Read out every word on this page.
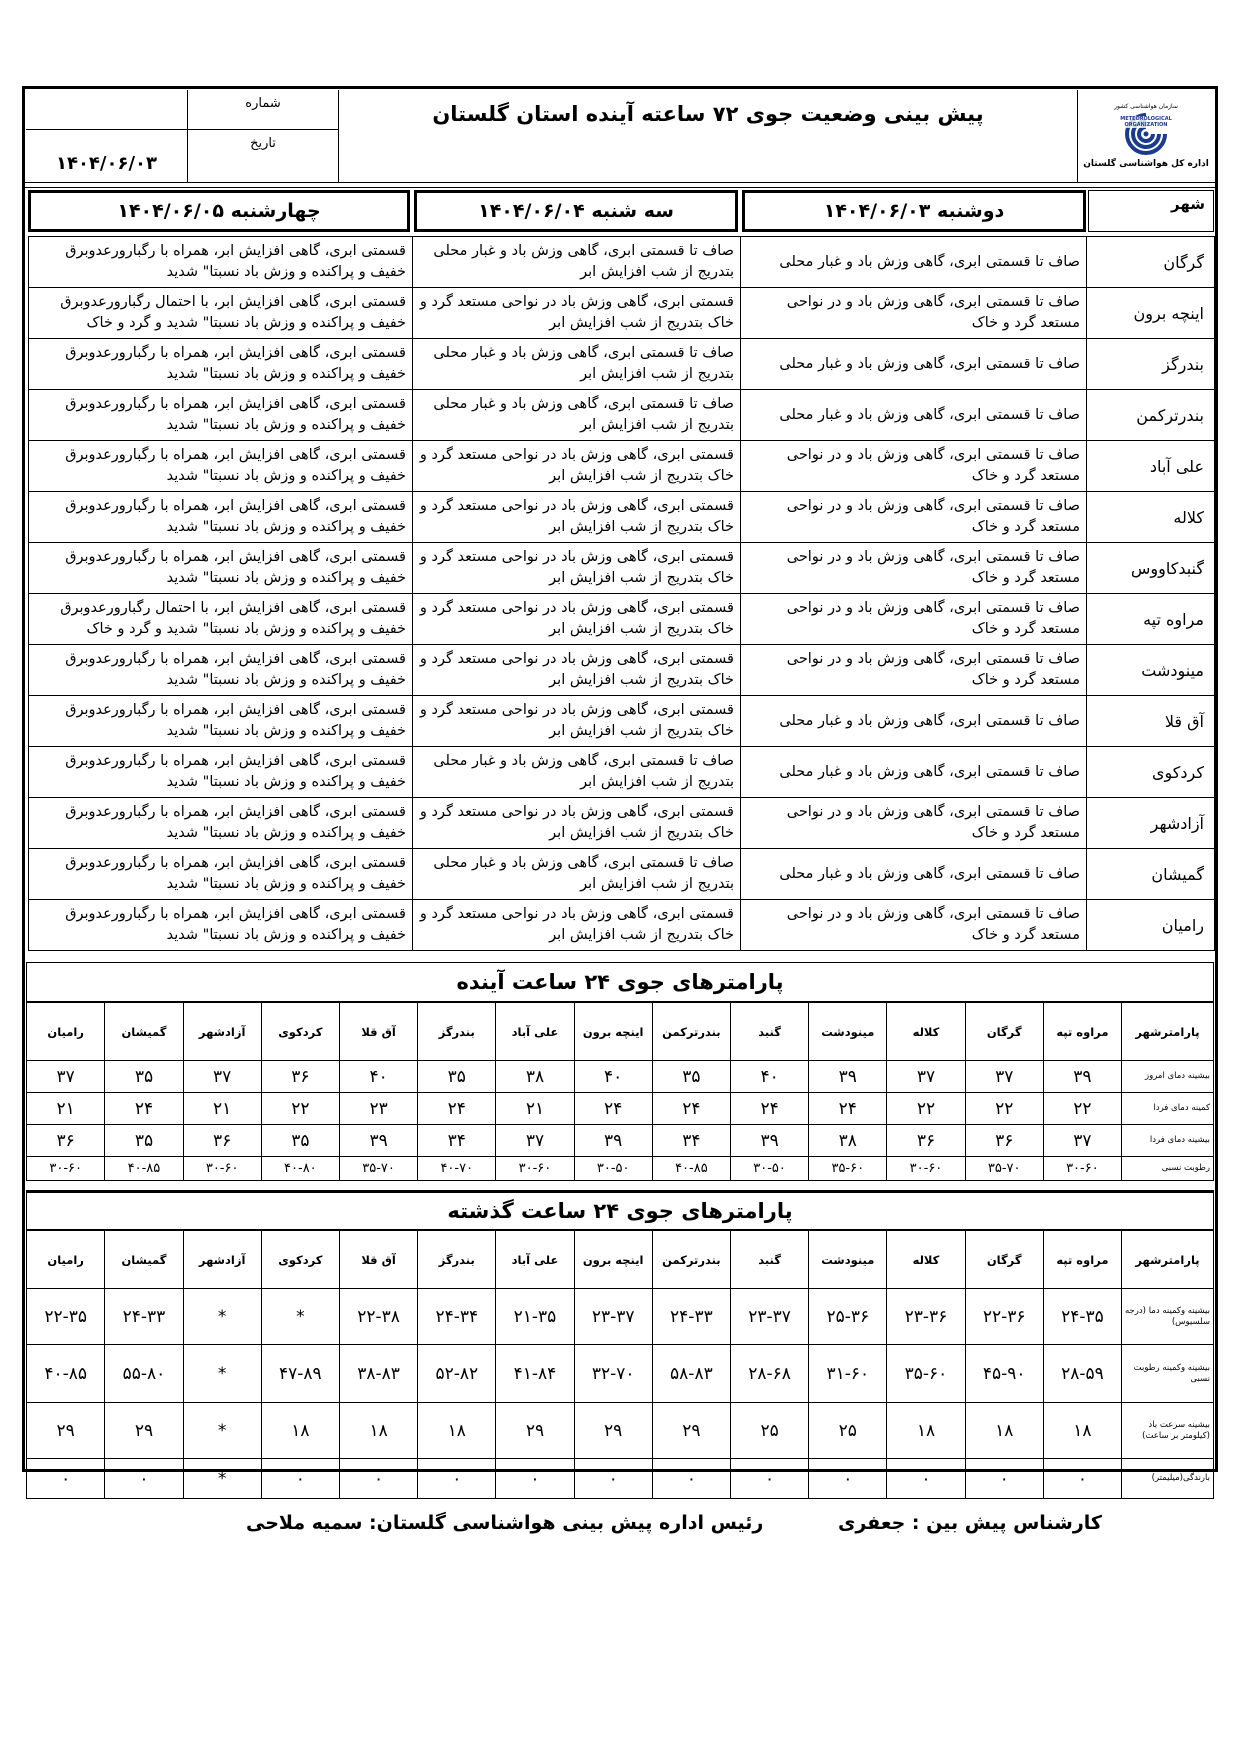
سازمان هواشناسی کشور
METEOROLOGICAL ORGANIZATION
اداره کل هواشناسی گلستان
پیش بینی وضعیت جوی ۷۲ ساعته آینده استان گلستان
شماره
تاریخ
۱۴۰۴/۰۶/۰۳
شهر
دوشنبه ۱۴۰۴/۰۶/۰۳
سه شنبه ۱۴۰۴/۰۶/۰۴
چهارشنبه ۱۴۰۴/۰۶/۰۵
گرگان	صاف تا قسمتی ابری، گاهی وزش باد و غبار محلی	صاف تا قسمتی ابری، گاهی وزش باد و غبار محلی بتدریج از شب افزایش ابر	قسمتی ابری، گاهی افزایش ابر، همراه با رگبارورعدوبرق خفیف و پراکنده و وزش باد نسبتا" شدید
اینچه برون	صاف تا قسمتی ابری، گاهی وزش باد و در نواحی مستعد گرد و خاک	قسمتی ابری، گاهی وزش باد در نواحی مستعد گرد و خاک بتدریج از شب افزایش ابر	قسمتی ابری، گاهی افزایش ابر، با احتمال رگبارورعدوبرق خفیف و پراکنده و وزش باد نسبتا" شدید و گرد و خاک
بندرگز	صاف تا قسمتی ابری، گاهی وزش باد و غبار محلی	صاف تا قسمتی ابری، گاهی وزش باد و غبار محلی بتدریج از شب افزایش ابر	قسمتی ابری، گاهی افزایش ابر، همراه با رگبارورعدوبرق خفیف و پراکنده و وزش باد نسبتا" شدید
بندرترکمن	صاف تا قسمتی ابری، گاهی وزش باد و غبار محلی	صاف تا قسمتی ابری، گاهی وزش باد و غبار محلی بتدریج از شب افزایش ابر	قسمتی ابری، گاهی افزایش ابر، همراه با رگبارورعدوبرق خفیف و پراکنده و وزش باد نسبتا" شدید
علی آباد	صاف تا قسمتی ابری، گاهی وزش باد و در نواحی مستعد گرد و خاک	قسمتی ابری، گاهی وزش باد در نواحی مستعد گرد و خاک بتدریج از شب افزایش ابر	قسمتی ابری، گاهی افزایش ابر، همراه با رگبارورعدوبرق خفیف و پراکنده و وزش باد نسبتا" شدید
کلاله	صاف تا قسمتی ابری، گاهی وزش باد و در نواحی مستعد گرد و خاک	قسمتی ابری، گاهی وزش باد در نواحی مستعد گرد و خاک بتدریج از شب افزایش ابر	قسمتی ابری، گاهی افزایش ابر، همراه با رگبارورعدوبرق خفیف و پراکنده و وزش باد نسبتا" شدید
گنبدکاووس	صاف تا قسمتی ابری، گاهی وزش باد و در نواحی مستعد گرد و خاک	قسمتی ابری، گاهی وزش باد در نواحی مستعد گرد و خاک بتدریج از شب افزایش ابر	قسمتی ابری، گاهی افزایش ابر، همراه با رگبارورعدوبرق خفیف و پراکنده و وزش باد نسبتا" شدید
مراوه تپه	صاف تا قسمتی ابری، گاهی وزش باد و در نواحی مستعد گرد و خاک	قسمتی ابری، گاهی وزش باد در نواحی مستعد گرد و خاک بتدریج از شب افزایش ابر	قسمتی ابری، گاهی افزایش ابر، با احتمال رگبارورعدوبرق خفیف و پراکنده و وزش باد نسبتا" شدید و گرد و خاک
مینودشت	صاف تا قسمتی ابری، گاهی وزش باد و در نواحی مستعد گرد و خاک	قسمتی ابری، گاهی وزش باد در نواحی مستعد گرد و خاک بتدریج از شب افزایش ابر	قسمتی ابری، گاهی افزایش ابر، همراه با رگبارورعدوبرق خفیف و پراکنده و وزش باد نسبتا" شدید
آق قلا	صاف تا قسمتی ابری، گاهی وزش باد و غبار محلی	قسمتی ابری، گاهی وزش باد در نواحی مستعد گرد و خاک بتدریج از شب افزایش ابر	قسمتی ابری، گاهی افزایش ابر، همراه با رگبارورعدوبرق خفیف و پراکنده و وزش باد نسبتا" شدید
کردکوی	صاف تا قسمتی ابری، گاهی وزش باد و غبار محلی	صاف تا قسمتی ابری، گاهی وزش باد و غبار محلی بتدریج از شب افزایش ابر	قسمتی ابری، گاهی افزایش ابر، همراه با رگبارورعدوبرق خفیف و پراکنده و وزش باد نسبتا" شدید
آزادشهر	صاف تا قسمتی ابری، گاهی وزش باد و در نواحی مستعد گرد و خاک	قسمتی ابری، گاهی وزش باد در نواحی مستعد گرد و خاک بتدریج از شب افزایش ابر	قسمتی ابری، گاهی افزایش ابر، همراه با رگبارورعدوبرق خفیف و پراکنده و وزش باد نسبتا" شدید
گمیشان	صاف تا قسمتی ابری، گاهی وزش باد و غبار محلی	صاف تا قسمتی ابری، گاهی وزش باد و غبار محلی بتدریج از شب افزایش ابر	قسمتی ابری، گاهی افزایش ابر، همراه با رگبارورعدوبرق خفیف و پراکنده و وزش باد نسبتا" شدید
رامیان	صاف تا قسمتی ابری، گاهی وزش باد و در نواحی مستعد گرد و خاک	قسمتی ابری، گاهی وزش باد در نواحی مستعد گرد و خاک بتدریج از شب افزایش ابر	قسمتی ابری، گاهی افزایش ابر، همراه با رگبارورعدوبرق خفیف و پراکنده و وزش باد نسبتا" شدید
پارامترهای جوی ۲۴ ساعت آینده
پارامترشهر	مراوه تپه	گرگان	کلاله	مینودشت	گنبد	بندرترکمن	اینچه برون	علی آباد	بندرگز	آق قلا	کردکوی	آزادشهر	گمیشان	رامیان
بیشینه دمای امروز	۳۹	۳۷	۳۷	۳۹	۴۰	۳۵	۴۰	۳۸	۳۵	۴۰	۳۶	۳۷	۳۵	۳۷
کمینه دمای فردا	۲۲	۲۲	۲۲	۲۴	۲۴	۲۴	۲۴	۲۱	۲۴	۲۳	۲۲	۲۱	۲۴	۲۱
بیشینه دمای فردا	۳۷	۳۶	۳۶	۳۸	۳۹	۳۴	۳۹	۳۷	۳۴	۳۹	۳۵	۳۶	۳۵	۳۶
رطوبت نسبی	۳۰-۶۰	۳۵-۷۰	۳۰-۶۰	۳۵-۶۰	۳۰-۵۰	۴۰-۸۵	۳۰-۵۰	۳۰-۶۰	۴۰-۷۰	۳۵-۷۰	۴۰-۸۰	۳۰-۶۰	۴۰-۸۵	۳۰-۶۰
پارامترهای جوی ۲۴ ساعت گذشته
پارامترشهر	مراوه تپه	گرگان	کلاله	مینودشت	گنبد	بندرترکمن	اینچه برون	علی آباد	بندرگز	آق قلا	کردکوی	آزادشهر	گمیشان	رامیان
بیشینه وکمینه دما (درجه سلسیوس)	۲۴-۳۵	۲۲-۳۶	۲۳-۳۶	۲۵-۳۶	۲۳-۳۷	۲۴-۳۳	۲۳-۳۷	۲۱-۳۵	۲۴-۳۴	۲۲-۳۸	*	*	۲۴-۳۳	۲۲-۳۵
بیشینه وکمینه رطوبت نسبی	۲۸-۵۹	۴۵-۹۰	۳۵-۶۰	۳۱-۶۰	۲۸-۶۸	۵۸-۸۳	۳۲-۷۰	۴۱-۸۴	۵۲-۸۲	۳۸-۸۳	۴۷-۸۹	*	۵۵-۸۰	۴۰-۸۵
بیشینه سرعت باد (کیلومتر بر ساعت)	۱۸	۱۸	۱۸	۲۵	۲۵	۲۹	۲۹	۲۹	۱۸	۱۸	۱۸	*	۲۹	۲۹
بارندگی(میلیمتر)	۰	۰	۰	۰	۰	۰	۰	۰	۰	۰	۰	*	۰	۰
کارشناس پیش بین : جعفری
رئیس اداره پیش بینی هواشناسی گلستان: سمیه ملاحی
